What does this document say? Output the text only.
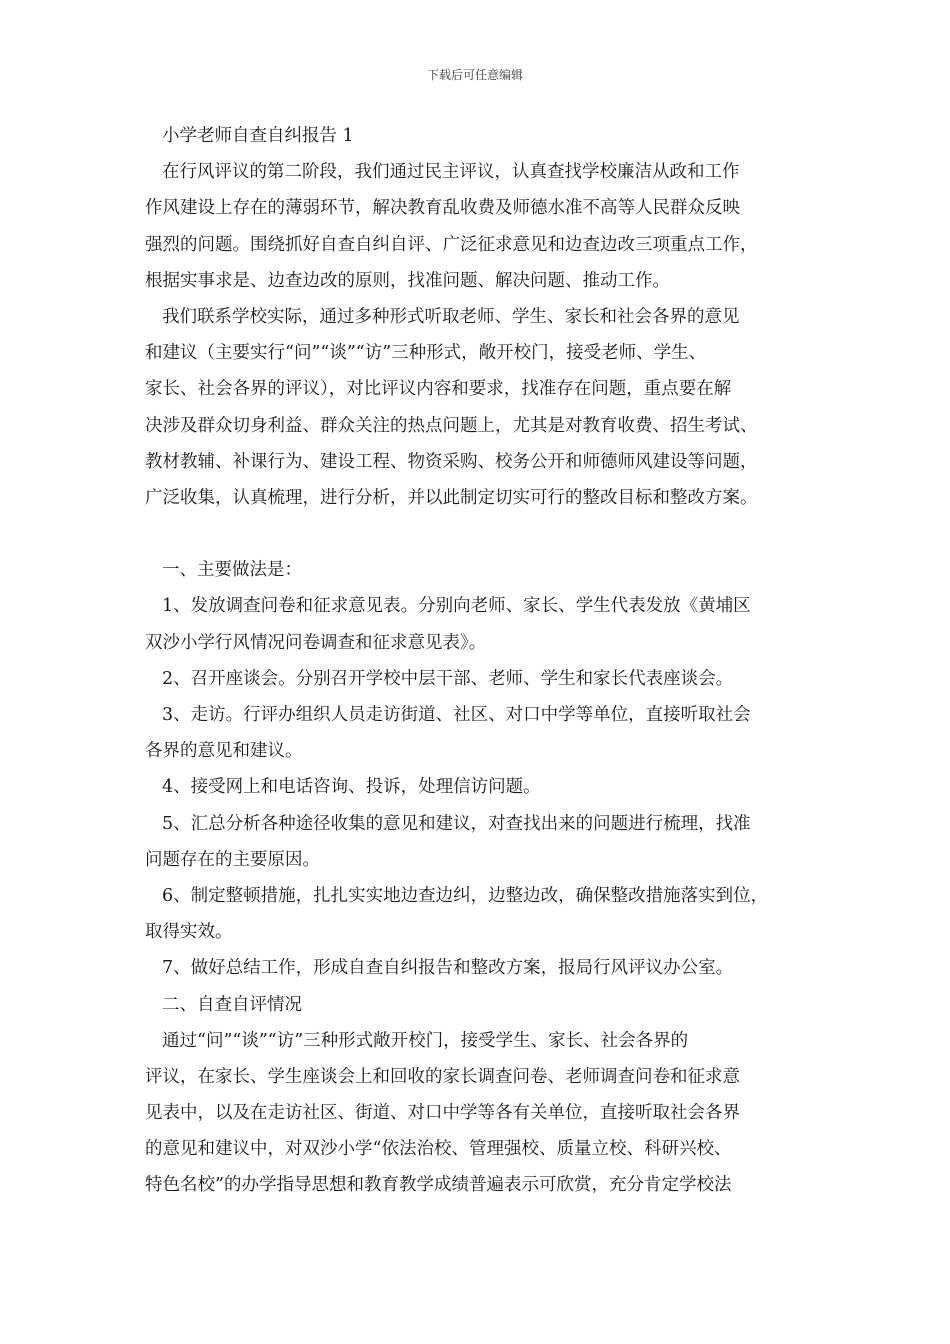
下载后可任意编辑
小学老师自查自纠报告 1
在行风评议的第二阶段，我们通过民主评议，认真查找学校廉洁从政和工作
作风建设上存在的薄弱环节，解决教育乱收费及师德水准不高等人民群众反映
强烈的问题。围绕抓好自查自纠自评、广泛征求意见和边查边改三项重点工作，
根据实事求是、边查边改的原则，找准问题、解决问题、推动工作。
我们联系学校实际，通过多种形式听取老师、学生、家长和社会各界的意见
和建议（主要实行“问”“谈”“访”三种形式，敞开校门，接受老师、学生、
家长、社会各界的评议），对比评议内容和要求，找准存在问题，重点要在解
决涉及群众切身利益、群众关注的热点问题上，尤其是对教育收费、招生考试、
教材教辅、补课行为、建设工程、物资采购、校务公开和师德师风建设等问题，
广泛收集，认真梳理，进行分析，并以此制定切实可行的整改目标和整改方案。
一、主要做法是：
1、发放调查问卷和征求意见表。分别向老师、家长、学生代表发放《黄埔区
双沙小学行风情况问卷调查和征求意见表》。
2、召开座谈会。分别召开学校中层干部、老师、学生和家长代表座谈会。
3、走访。行评办组织人员走访街道、社区、对口中学等单位，直接听取社会
各界的意见和建议。
4、接受网上和电话咨询、投诉，处理信访问题。
5、汇总分析各种途径收集的意见和建议，对查找出来的问题进行梳理，找准
问题存在的主要原因。
6、制定整顿措施，扎扎实实地边查边纠，边整边改，确保整改措施落实到位，
取得实效。
7、做好总结工作，形成自查自纠报告和整改方案，报局行风评议办公室。
二、自查自评情况
通过“问”“谈”“访”三种形式敞开校门，接受学生、家长、社会各界的
评议，在家长、学生座谈会上和回收的家长调查问卷、老师调查问卷和征求意
见表中，以及在走访社区、街道、对口中学等各有关单位，直接听取社会各界
的意见和建议中，对双沙小学“依法治校、管理强校、质量立校、科研兴校、
特色名校”的办学指导思想和教育教学成绩普遍表示可欣赏，充分肯定学校法
